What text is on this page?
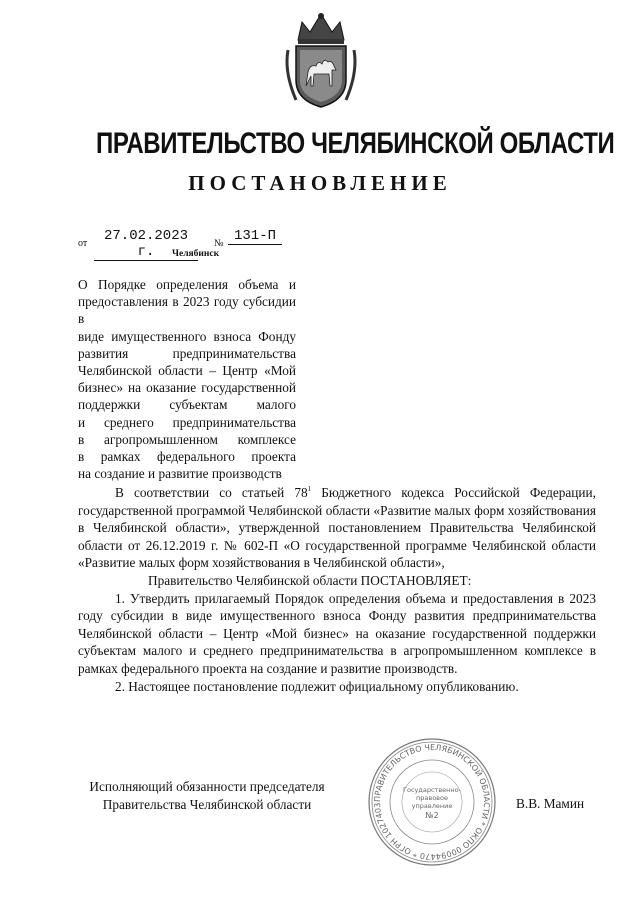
ПРАВИТЕЛЬСТВО ЧЕЛЯБИНСКОЙ ОБЛАСТИ
ПОСТАНОВЛЕНИЕ
от	27.02.2023 г.
№ 131-П
Челябинск
О Порядке определения объема и
предоставления в 2023 году субсидии в
виде имущественного взноса Фонду
развития предпринимательства
Челябинской области – Центр «Мой
бизнес» на оказание государственной
поддержки субъектам малого
и среднего предпринимательства
в агропромышленном комплексе
в рамках федерального проекта
на создание и развитие производств

В соответствии со статьей $78^1$ Бюджетного кодекса Российской Федерации, государственной программой Челябинской области «Развитие малых форм хозяйствования в Челябинской области», утвержденной постановлением Правительства Челябинской области от 26.12.2019 г. № 602-П «О государственной программе Челябинской области «Развитие малых форм хозяйствования в Челябинской области»,

Правительство Челябинской области ПОСТАНОВЛЯЕТ:

1. Утвердить прилагаемый Порядок определения объема и предоставления в 2023 году субсидии в виде имущественного взноса Фонду развития предпринимательства Челябинской области – Центр «Мой бизнес» на оказание государственной поддержки субъектам малого и среднего предпринимательства в агропромышленном комплексе в рамках федерального проекта на создание и развитие производств.

2. Настоящее постановление подлежит официальному опубликованию.

Исполняющий обязанности председателя
Правительства Челябинской области	В.В. Мамин
ПРАВИТЕЛЬСТВО ЧЕЛЯБИНСКОЙ ОБЛАСТИ * ОКПО 00094470 * ОГРН 1027403
Государственно-
правовое
управление
№2
